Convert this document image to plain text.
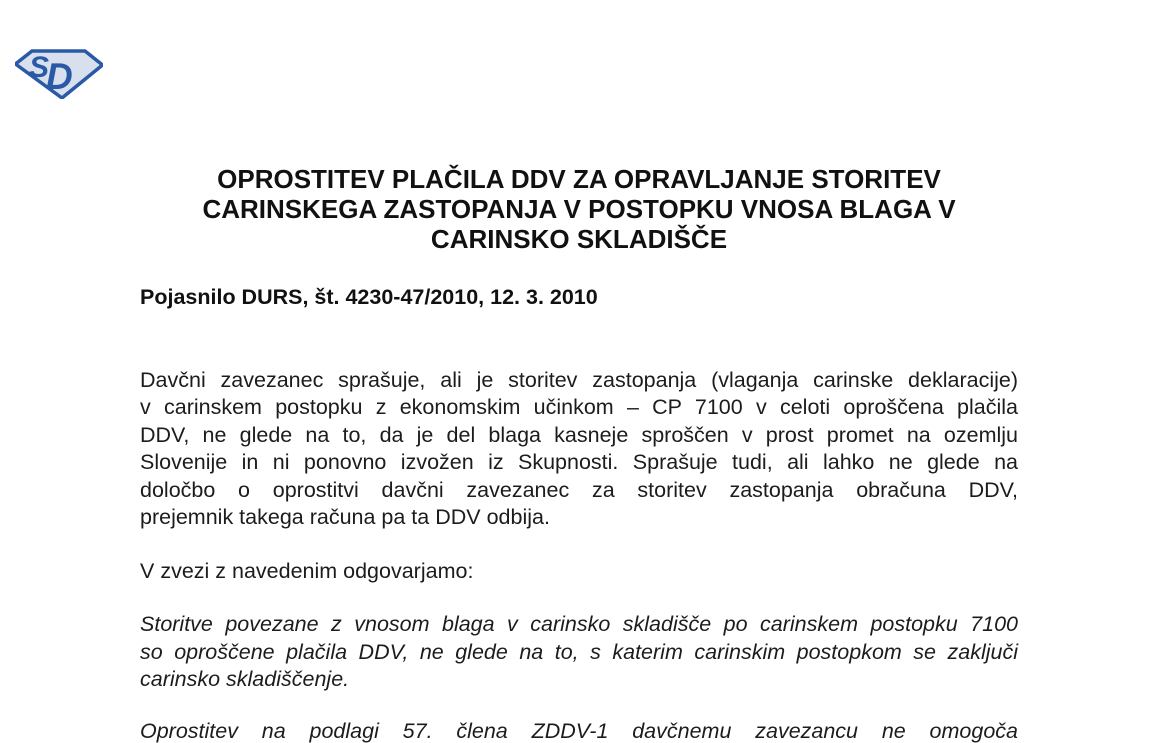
S
D
OPROSTITEV PLAČILA DDV ZA OPRAVLJANJE STORITEV
CARINSKEGA ZASTOPANJA V POSTOPKU VNOSA BLAGA V
CARINSKO SKLADIŠČE
Pojasnilo DURS, št. 4230-47/2010, 12. 3. 2010
Davčni zavezanec sprašuje, ali je storitev zastopanja (vlaganja carinske deklaracije)
v carinskem postopku z ekonomskim učinkom – CP 7100 v celoti oproščena plačila
DDV, ne glede na to, da je del blaga kasneje sproščen v prost promet na ozemlju
Slovenije in ni ponovno izvožen iz Skupnosti. Sprašuje tudi, ali lahko ne glede na
določbo o oprostitvi davčni zavezanec za storitev zastopanja obračuna DDV,
prejemnik takega računa pa ta DDV odbija.
V zvezi z navedenim odgovarjamo:
Storitve povezane z vnosom blaga v carinsko skladišče po carinskem postopku 7100
so oproščene plačila DDV, ne glede na to, s katerim carinskim postopkom se zaključi
carinsko skladiščenje.
Oprostitev na podlagi 57. člena ZDDV-1 davčnemu zavezancu ne omogoča
